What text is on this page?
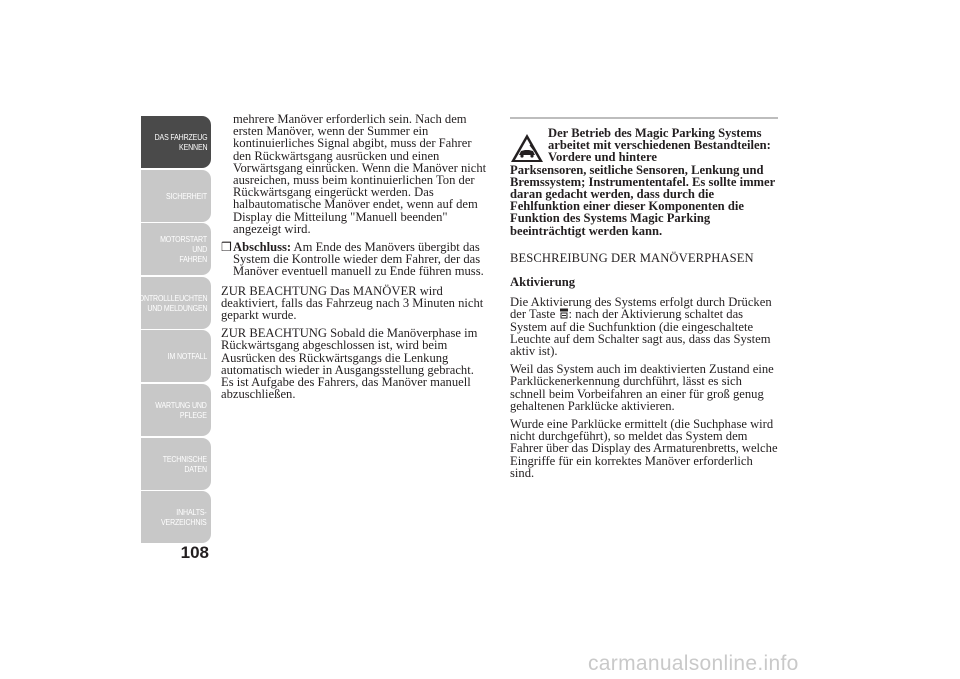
DAS FAHRZEUG
KENNEN
SICHERHEIT
MOTORSTART UND
FAHREN
KONTROLLLEUCHTEN
UND MELDUNGEN
IM NOTFALL
WARTUNG UND
PFLEGE
TECHNISCHE
DATEN
INHALTS-
VERZEICHNIS
108

mehrere Manöver erforderlich sein. Nach dem ersten Manöver, wenn der Summer ein kontinuierliches Signal abgibt, muss der Fahrer den Rückwärtsgang ausrücken und einen Vorwärtsgang einrücken. Wenn die Manöver nicht ausreichen, muss beim kontinuierlichen Ton der Rückwärtsgang eingerückt werden. Das halbautomatische Manöver endet, wenn auf dem Display die Mitteilung "Manuell beenden" angezeigt wird.

❒ Abschluss: Am Ende des Manövers übergibt das System die Kontrolle wieder dem Fahrer, der das Manöver eventuell manuell zu Ende führen muss.

ZUR BEACHTUNG Das MANÖVER wird deaktiviert, falls das Fahrzeug nach 3 Minuten nicht geparkt wurde.

ZUR BEACHTUNG Sobald die Manöverphase im Rückwärtsgang abgeschlossen ist, wird beim Ausrücken des Rückwärtsgangs die Lenkung automatisch wieder in Ausgangsstellung gebracht. Es ist Aufgabe des Fahrers, das Manöver manuell abzuschließen.

Der Betrieb des Magic Parking Systems arbeitet mit verschiedenen Bestandteilen: Vordere und hintere
Parksensoren, seitliche Sensoren, Lenkung und Bremssystem; Instrumententafel. Es sollte immer daran gedacht werden, dass durch die Fehlfunktion einer dieser Komponenten die Funktion des Systems Magic Parking beeinträchtigt werden kann.
BESCHREIBUNG DER MANÖVERPHASEN
Aktivierung

Die Aktivierung des Systems erfolgt durch Drücken der Taste : nach der Aktivierung schaltet das System auf die Suchfunktion (die eingeschaltete Leuchte auf dem Schalter sagt aus, dass das System aktiv ist).

Weil das System auch im deaktivierten Zustand eine Parklückenerkennung durchführt, lässt es sich schnell beim Vorbeifahren an einer für groß genug gehaltenen Parklücke aktivieren.

Wurde eine Parklücke ermittelt (die Suchphase wird nicht durchgeführt), so meldet das System dem Fahrer über das Display des Armaturenbretts, welche Eingriffe für ein korrektes Manöver erforderlich sind.

carmanualsonline.info
